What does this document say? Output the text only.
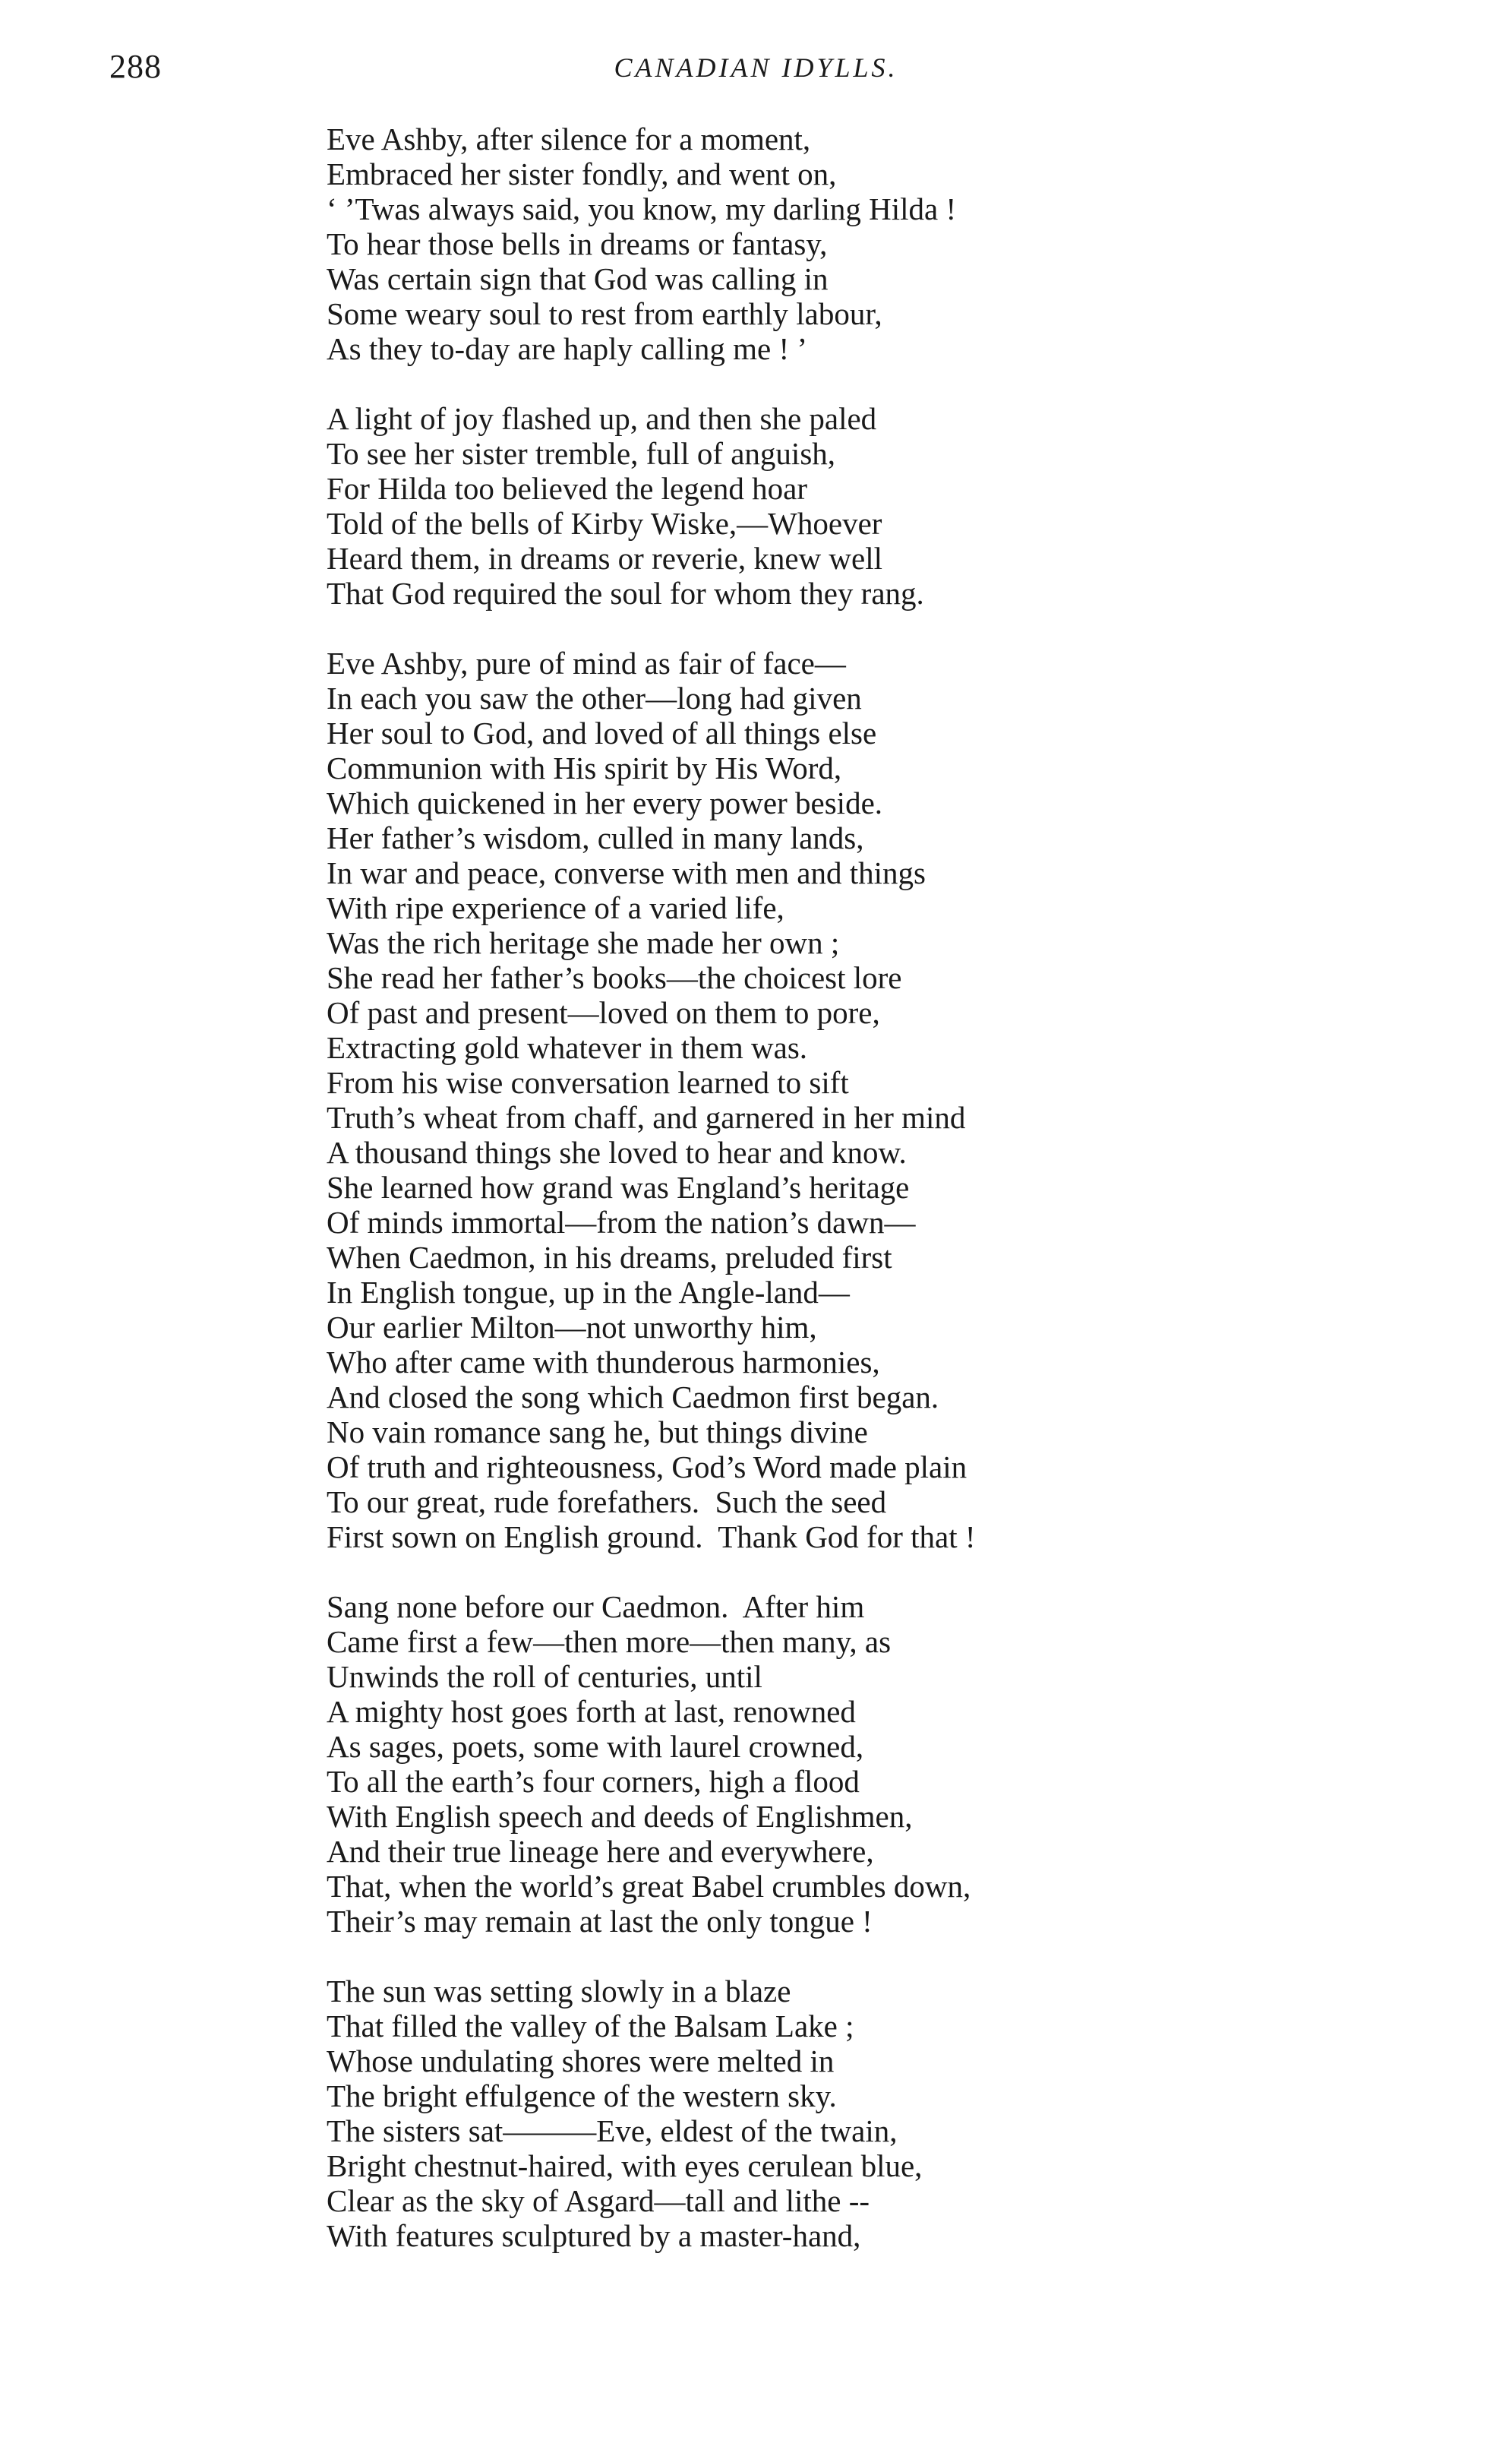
288	CANADIAN IDYLLS.
Eve Ashby, after silence for a moment,
Embraced her sister fondly, and went on,
‘ ’Twas always said, you know, my darling Hilda !
To hear those bells in dreams or fantasy,
Was certain sign that God was calling in
Some weary soul to rest from earthly labour,
As they to-day are haply calling me ! ’
A light of joy flashed up, and then she paled
To see her sister tremble, full of anguish,
For Hilda too believed the legend hoar
Told of the bells of Kirby Wiske,—Whoever
Heard them, in dreams or reverie, knew well
That God required the soul for whom they rang.
Eve Ashby, pure of mind as fair of face—
In each you saw the other—long had given
Her soul to God, and loved of all things else
Communion with His spirit by His Word,
Which quickened in her every power beside.
Her father’s wisdom, culled in many lands,
In war and peace, converse with men and things
With ripe experience of a varied life,
Was the rich heritage she made her own ;
She read her father’s books—the choicest lore
Of past and present—loved on them to pore,
Extracting gold whatever in them was.
From his wise conversation learned to sift
Truth’s wheat from chaff, and garnered in her mind
A thousand things she loved to hear and know.
She learned how grand was England’s heritage
Of minds immortal—from the nation’s dawn—
When Caedmon, in his dreams, preluded first
In English tongue, up in the Angle-land—
Our earlier Milton—not unworthy him,
Who after came with thunderous harmonies,
And closed the song which Caedmon first began.
No vain romance sang he, but things divine
Of truth and righteousness, God’s Word made plain
To our great, rude forefathers.  Such the seed
First sown on English ground.  Thank God for that !
Sang none before our Caedmon.  After him
Came first a few—then more—then many, as
Unwinds the roll of centuries, until
A mighty host goes forth at last, renowned
As sages, poets, some with laurel crowned,
To all the earth’s four corners, high a flood
With English speech and deeds of Englishmen,
And their true lineage here and everywhere,
That, when the world’s great Babel crumbles down,
Their’s may remain at last the only tongue !
The sun was setting slowly in a blaze
That filled the valley of the Balsam Lake ;
Whose undulating shores were melted in
The bright effulgence of the western sky.
The sisters sat———Eve, eldest of the twain,
Bright chestnut-haired, with eyes cerulean blue,
Clear as the sky of Asgard—tall and lithe --
With features sculptured by a master-hand,
